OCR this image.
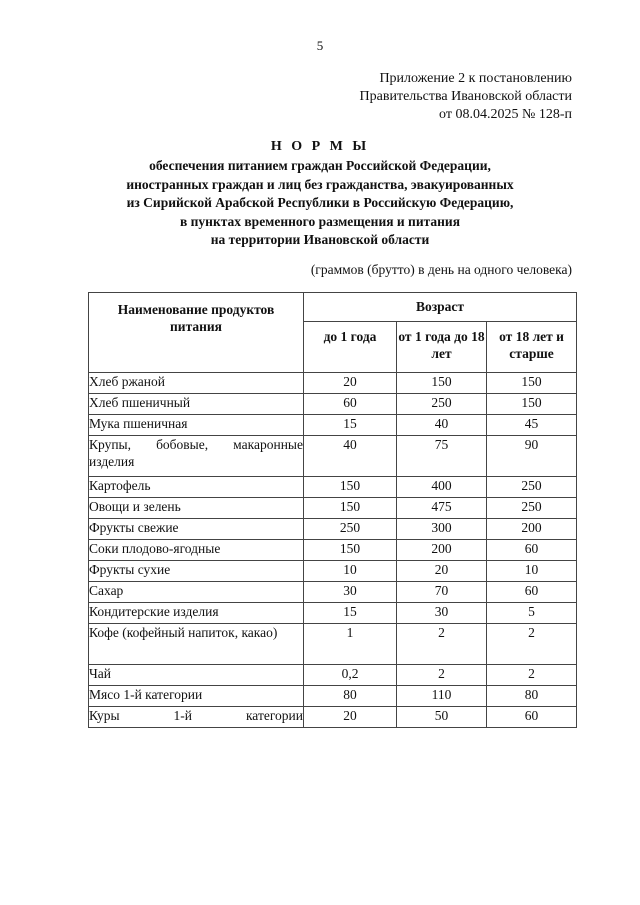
5
Приложение 2 к постановлению
Правительства Ивановской области
от 08.04.2025 № 128-п
Н О Р М Ы
обеспечения питанием граждан Российской Федерации,
иностранных граждан и лиц без гражданства, эвакуированных
из Сирийской Арабской Республики в Российскую Федерацию,
в пунктах временного размещения и питания
на территории Ивановской области
(граммов (брутто) в день на одного человека)
Наименование продуктов питания	Возраст		
	до 1 года	от 1 года до 18 лет	от 18 лет и старше
Хлеб ржаной	20	150	150
Хлеб пшеничный	60	250	150
Мука пшеничная	15	40	45
Крупы, бобовые, макаронные изделия	40	75	90
Картофель	150	400	250
Овощи и зелень	150	475	250
Фрукты свежие	250	300	200
Соки плодово-ягодные	150	200	60
Фрукты сухие	10	20	10
Сахар	30	70	60
Кондитерские изделия	15	30	5
Кофе (кофейный напиток, какао)	1	2	2
Чай	0,2	2	2
Мясо 1-й категории	80	110	80
Куры 1-й категории	20	50	60
